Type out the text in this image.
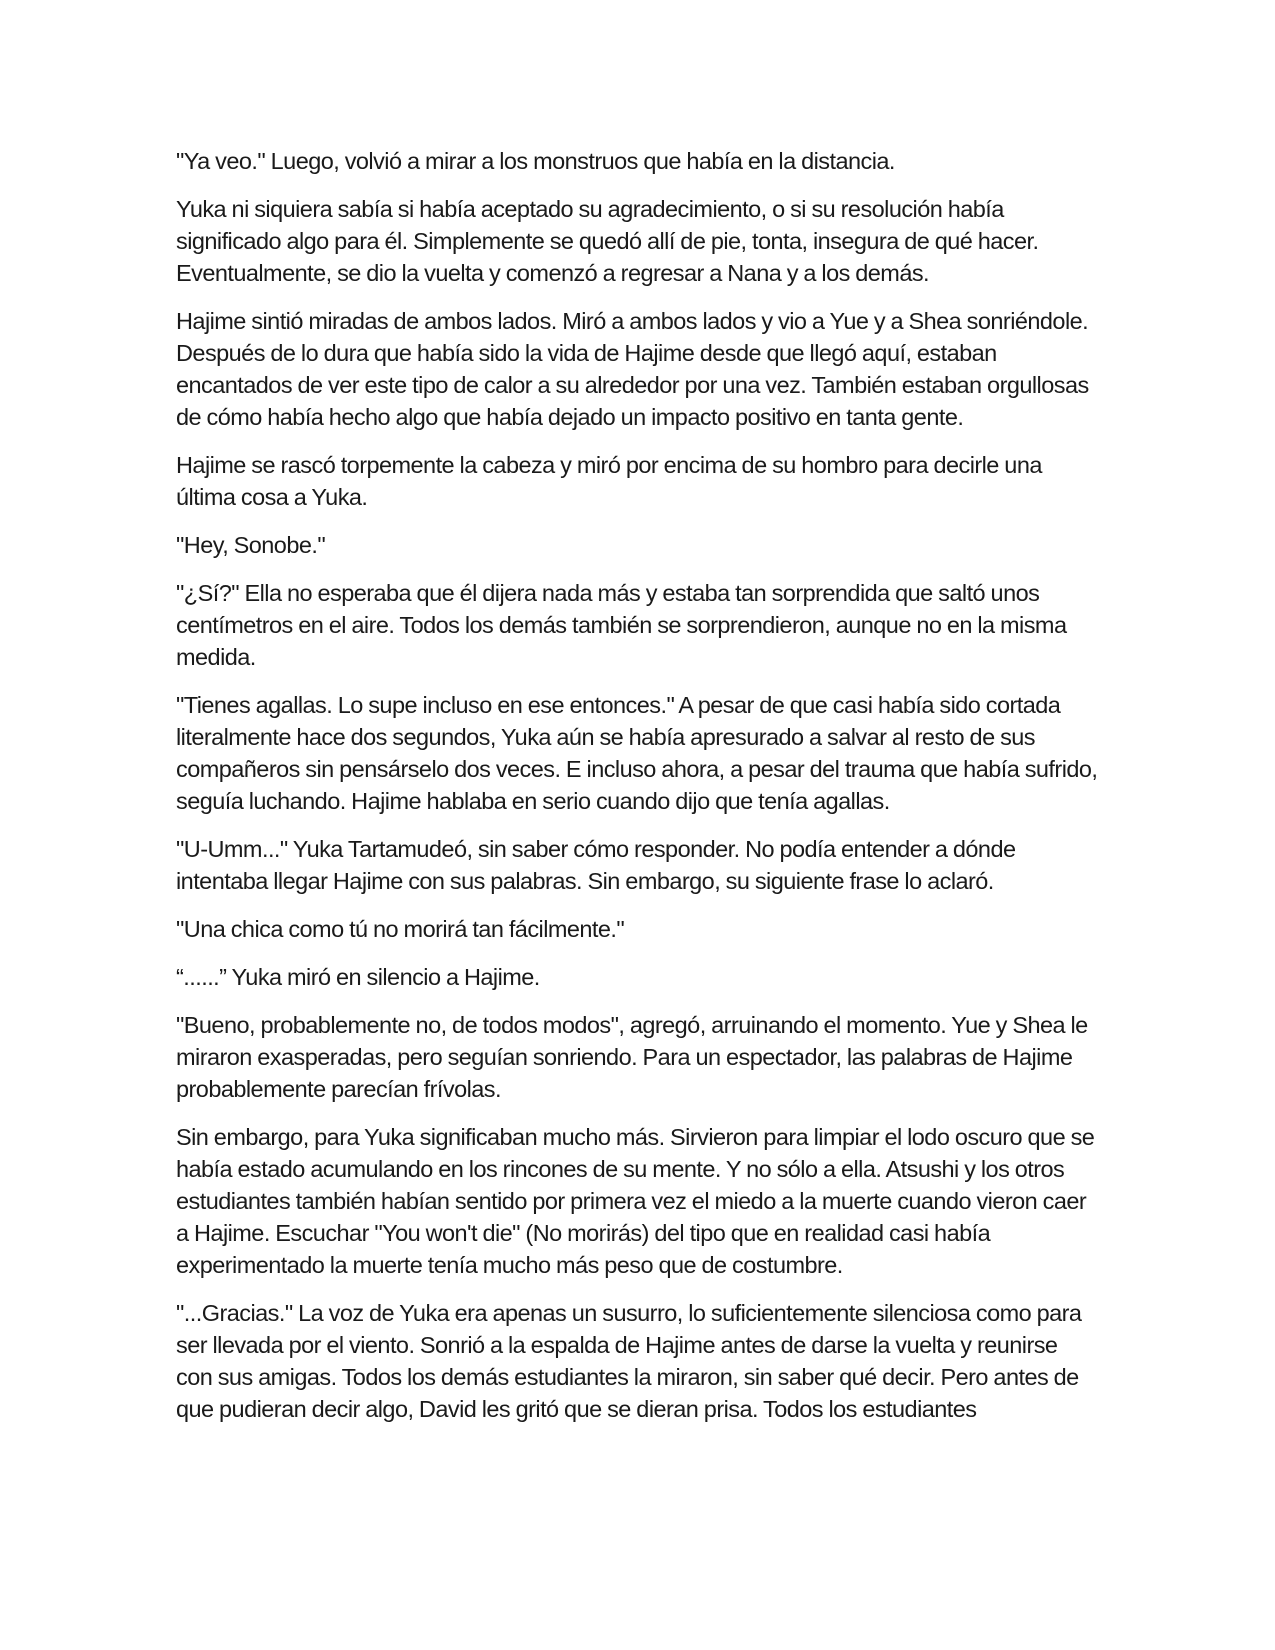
"Ya veo." Luego, volvió a mirar a los monstruos que había en la distancia.

Yuka ni siquiera sabía si había aceptado su agradecimiento, o si su resolución había
significado algo para él. Simplemente se quedó allí de pie, tonta, insegura de qué hacer.
Eventualmente, se dio la vuelta y comenzó a regresar a Nana y a los demás.

Hajime sintió miradas de ambos lados. Miró a ambos lados y vio a Yue y a Shea sonriéndole.
Después de lo dura que había sido la vida de Hajime desde que llegó aquí, estaban
encantados de ver este tipo de calor a su alrededor por una vez. También estaban orgullosas
de cómo había hecho algo que había dejado un impacto positivo en tanta gente.

Hajime se rascó torpemente la cabeza y miró por encima de su hombro para decirle una
última cosa a Yuka.

"Hey, Sonobe."

"¿Sí?" Ella no esperaba que él dijera nada más y estaba tan sorprendida que saltó unos
centímetros en el aire. Todos los demás también se sorprendieron, aunque no en la misma
medida.

"Tienes agallas. Lo supe incluso en ese entonces." A pesar de que casi había sido cortada
literalmente hace dos segundos, Yuka aún se había apresurado a salvar al resto de sus
compañeros sin pensárselo dos veces. E incluso ahora, a pesar del trauma que había sufrido,
seguía luchando. Hajime hablaba en serio cuando dijo que tenía agallas.

"U-Umm..." Yuka Tartamudeó, sin saber cómo responder. No podía entender a dónde
intentaba llegar Hajime con sus palabras. Sin embargo, su siguiente frase lo aclaró.

"Una chica como tú no morirá tan fácilmente."

“......” Yuka miró en silencio a Hajime.

"Bueno, probablemente no, de todos modos", agregó, arruinando el momento. Yue y Shea le
miraron exasperadas, pero seguían sonriendo. Para un espectador, las palabras de Hajime
probablemente parecían frívolas.

Sin embargo, para Yuka significaban mucho más. Sirvieron para limpiar el lodo oscuro que se
había estado acumulando en los rincones de su mente. Y no sólo a ella. Atsushi y los otros
estudiantes también habían sentido por primera vez el miedo a la muerte cuando vieron caer
a Hajime. Escuchar "You won't die" (No morirás) del tipo que en realidad casi había
experimentado la muerte tenía mucho más peso que de costumbre.

"...Gracias." La voz de Yuka era apenas un susurro, lo suficientemente silenciosa como para
ser llevada por el viento. Sonrió a la espalda de Hajime antes de darse la vuelta y reunirse
con sus amigas. Todos los demás estudiantes la miraron, sin saber qué decir. Pero antes de
que pudieran decir algo, David les gritó que se dieran prisa. Todos los estudiantes
